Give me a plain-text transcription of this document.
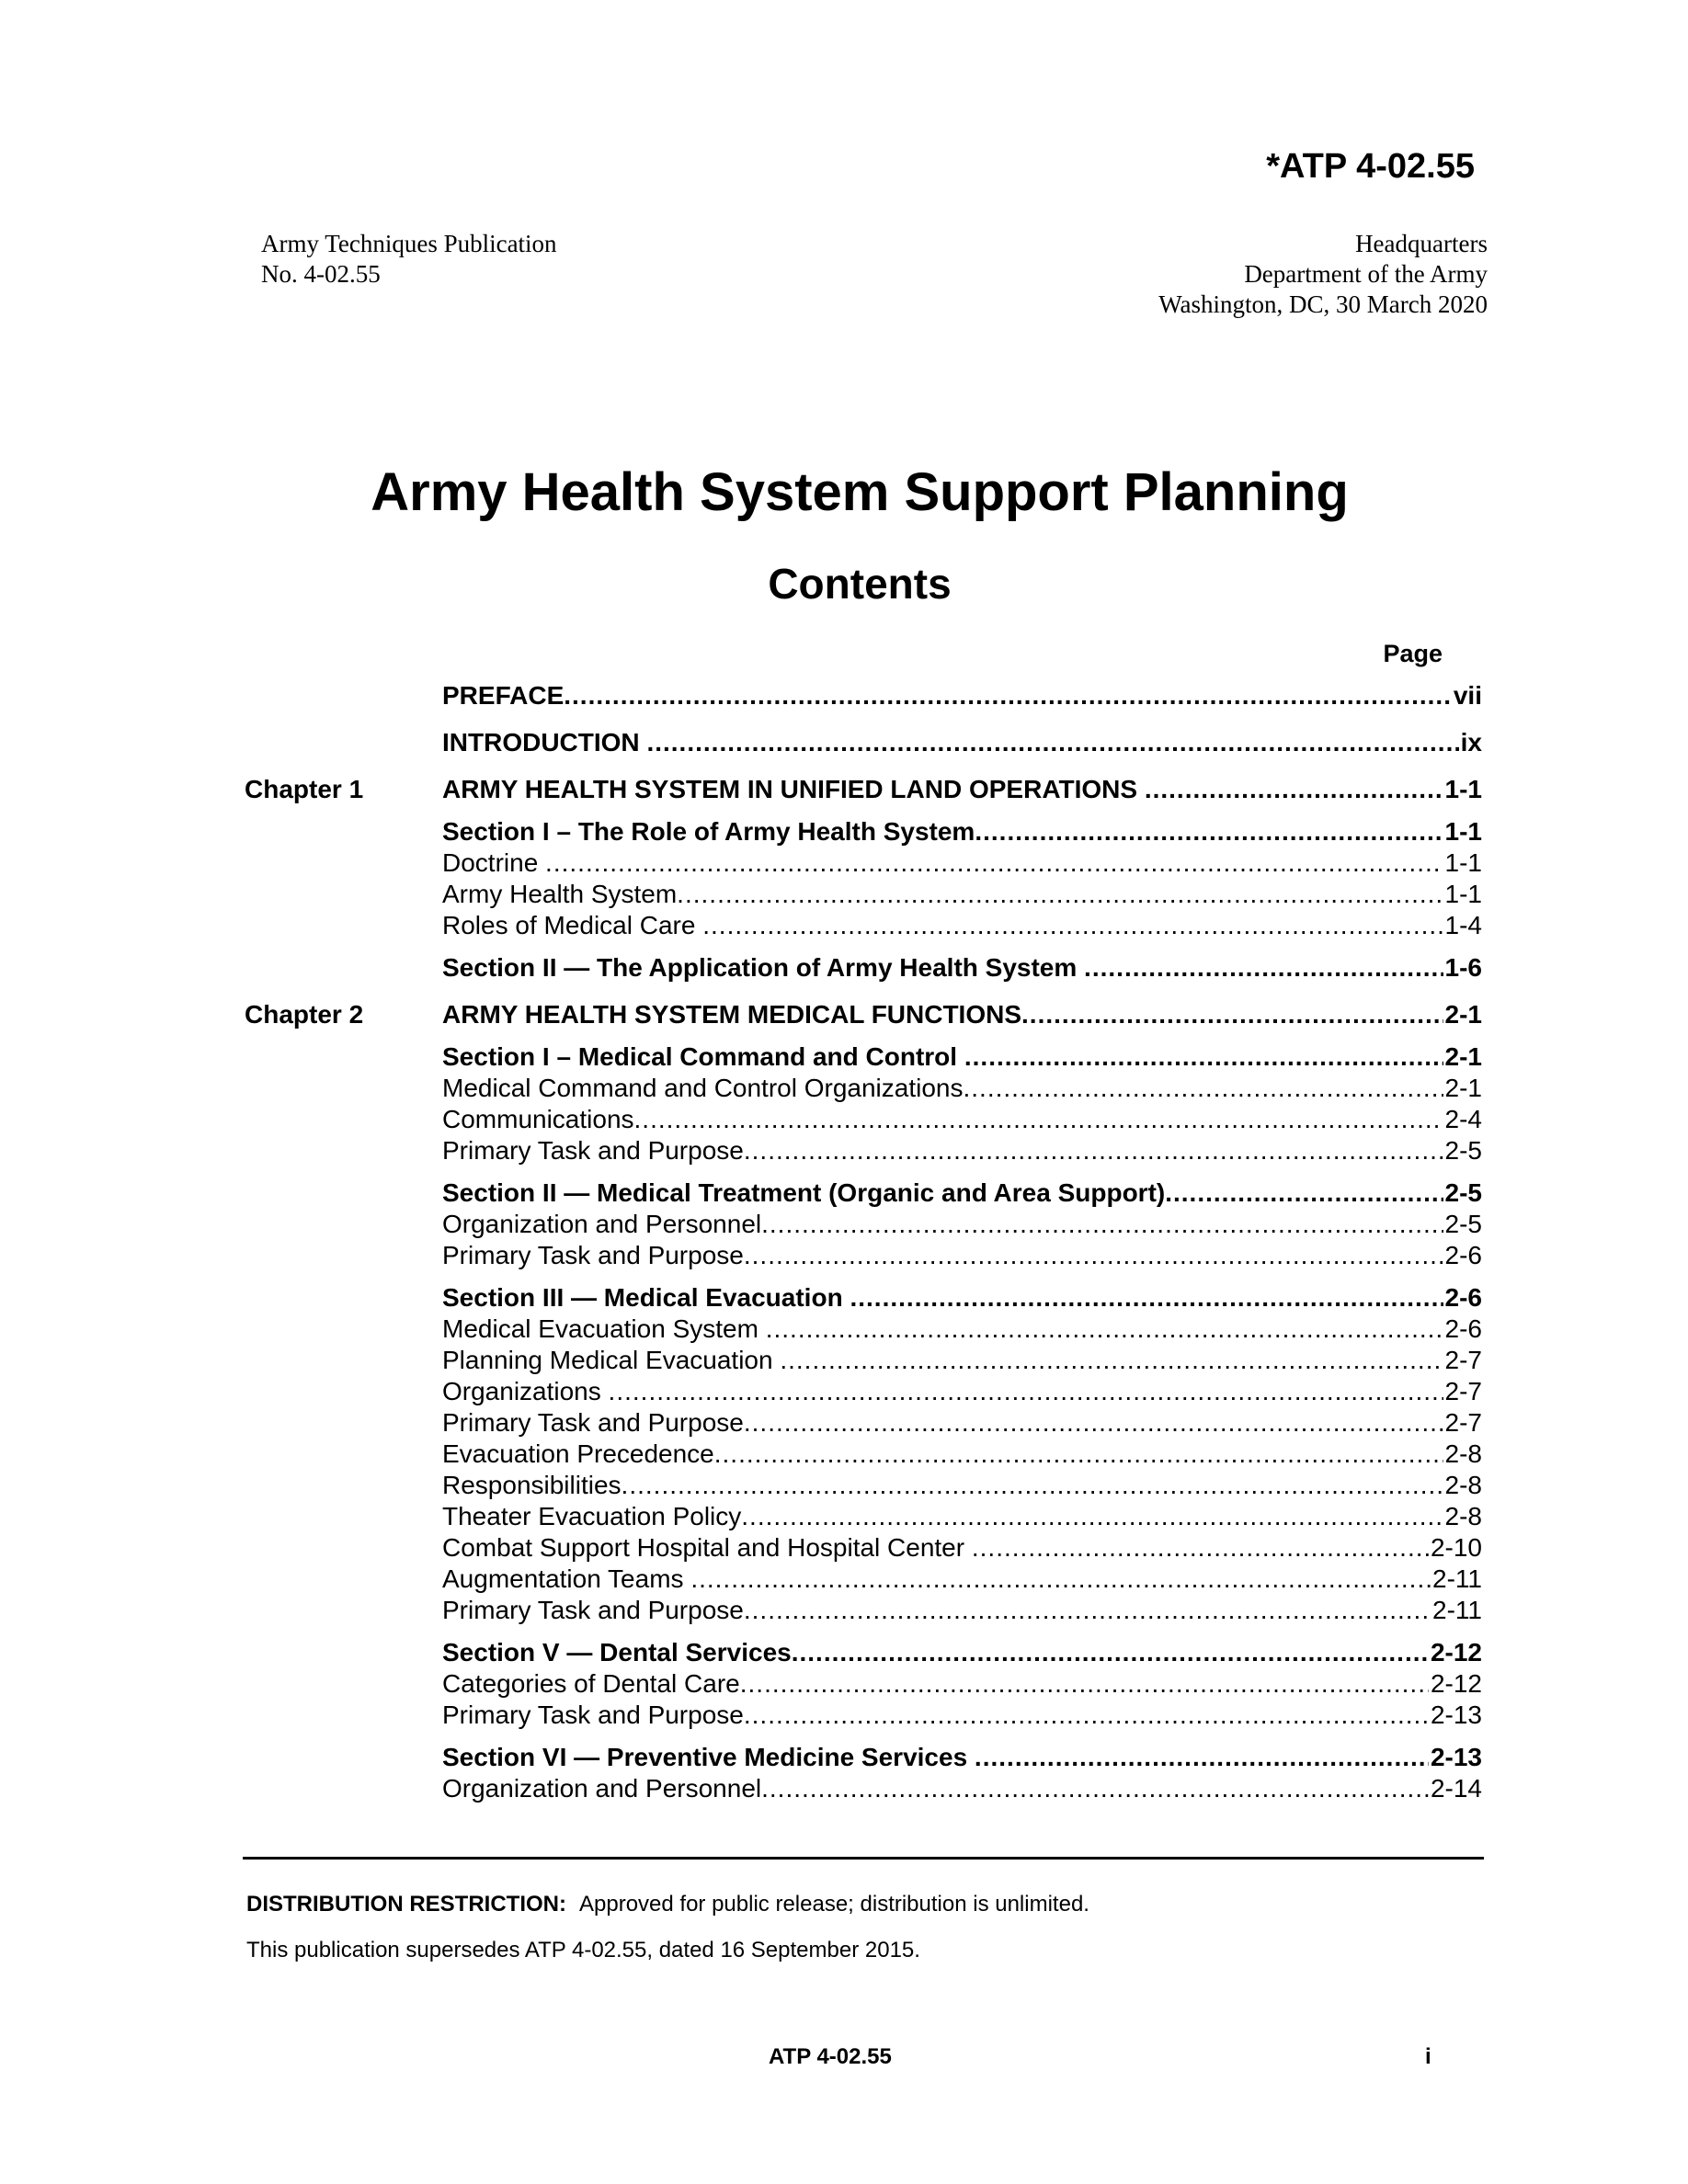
*ATP 4-02.55
Army Techniques Publication
No. 4-02.55
Headquarters
Department of the Army
Washington, DC, 30 March 2020
Army Health System Support Planning
Contents
Page
PREFACE .....	vii
INTRODUCTION .....	ix
Chapter 1	ARMY HEALTH SYSTEM IN UNIFIED LAND OPERATIONS .....	1-1
Section I – The Role of Army Health System .....	1-1
Doctrine .....	1-1
Army Health System .....	1-1
Roles of Medical Care .....	1-4
Section II — The Application of Army Health System .....	1-6
Chapter 2	ARMY HEALTH SYSTEM MEDICAL FUNCTIONS .....	2-1
Section I – Medical Command and Control .....	2-1
Medical Command and Control Organizations .....	2-1
Communications .....	2-4
Primary Task and Purpose .....	2-5
Section II — Medical Treatment (Organic and Area Support) .....	2-5
Organization and Personnel .....	2-5
Primary Task and Purpose .....	2-6
Section III — Medical Evacuation .....	2-6
Medical Evacuation System .....	2-6
Planning Medical Evacuation .....	2-7
Organizations .....	2-7
Primary Task and Purpose .....	2-7
Evacuation Precedence .....	2-8
Responsibilities .....	2-8
Theater Evacuation Policy .....	2-8
Combat Support Hospital and Hospital Center .....	2-10
Augmentation Teams .....	2-11
Primary Task and Purpose .....	2-11
Section V — Dental Services .....	2-12
Categories of Dental Care .....	2-12
Primary Task and Purpose .....	2-13
Section VI — Preventive Medicine Services .....	2-13
Organization and Personnel .....	2-14
DISTRIBUTION RESTRICTION: Approved for public release; distribution is unlimited.
This publication supersedes ATP 4-02.55, dated 16 September 2015.
ATP 4-02.55	i
